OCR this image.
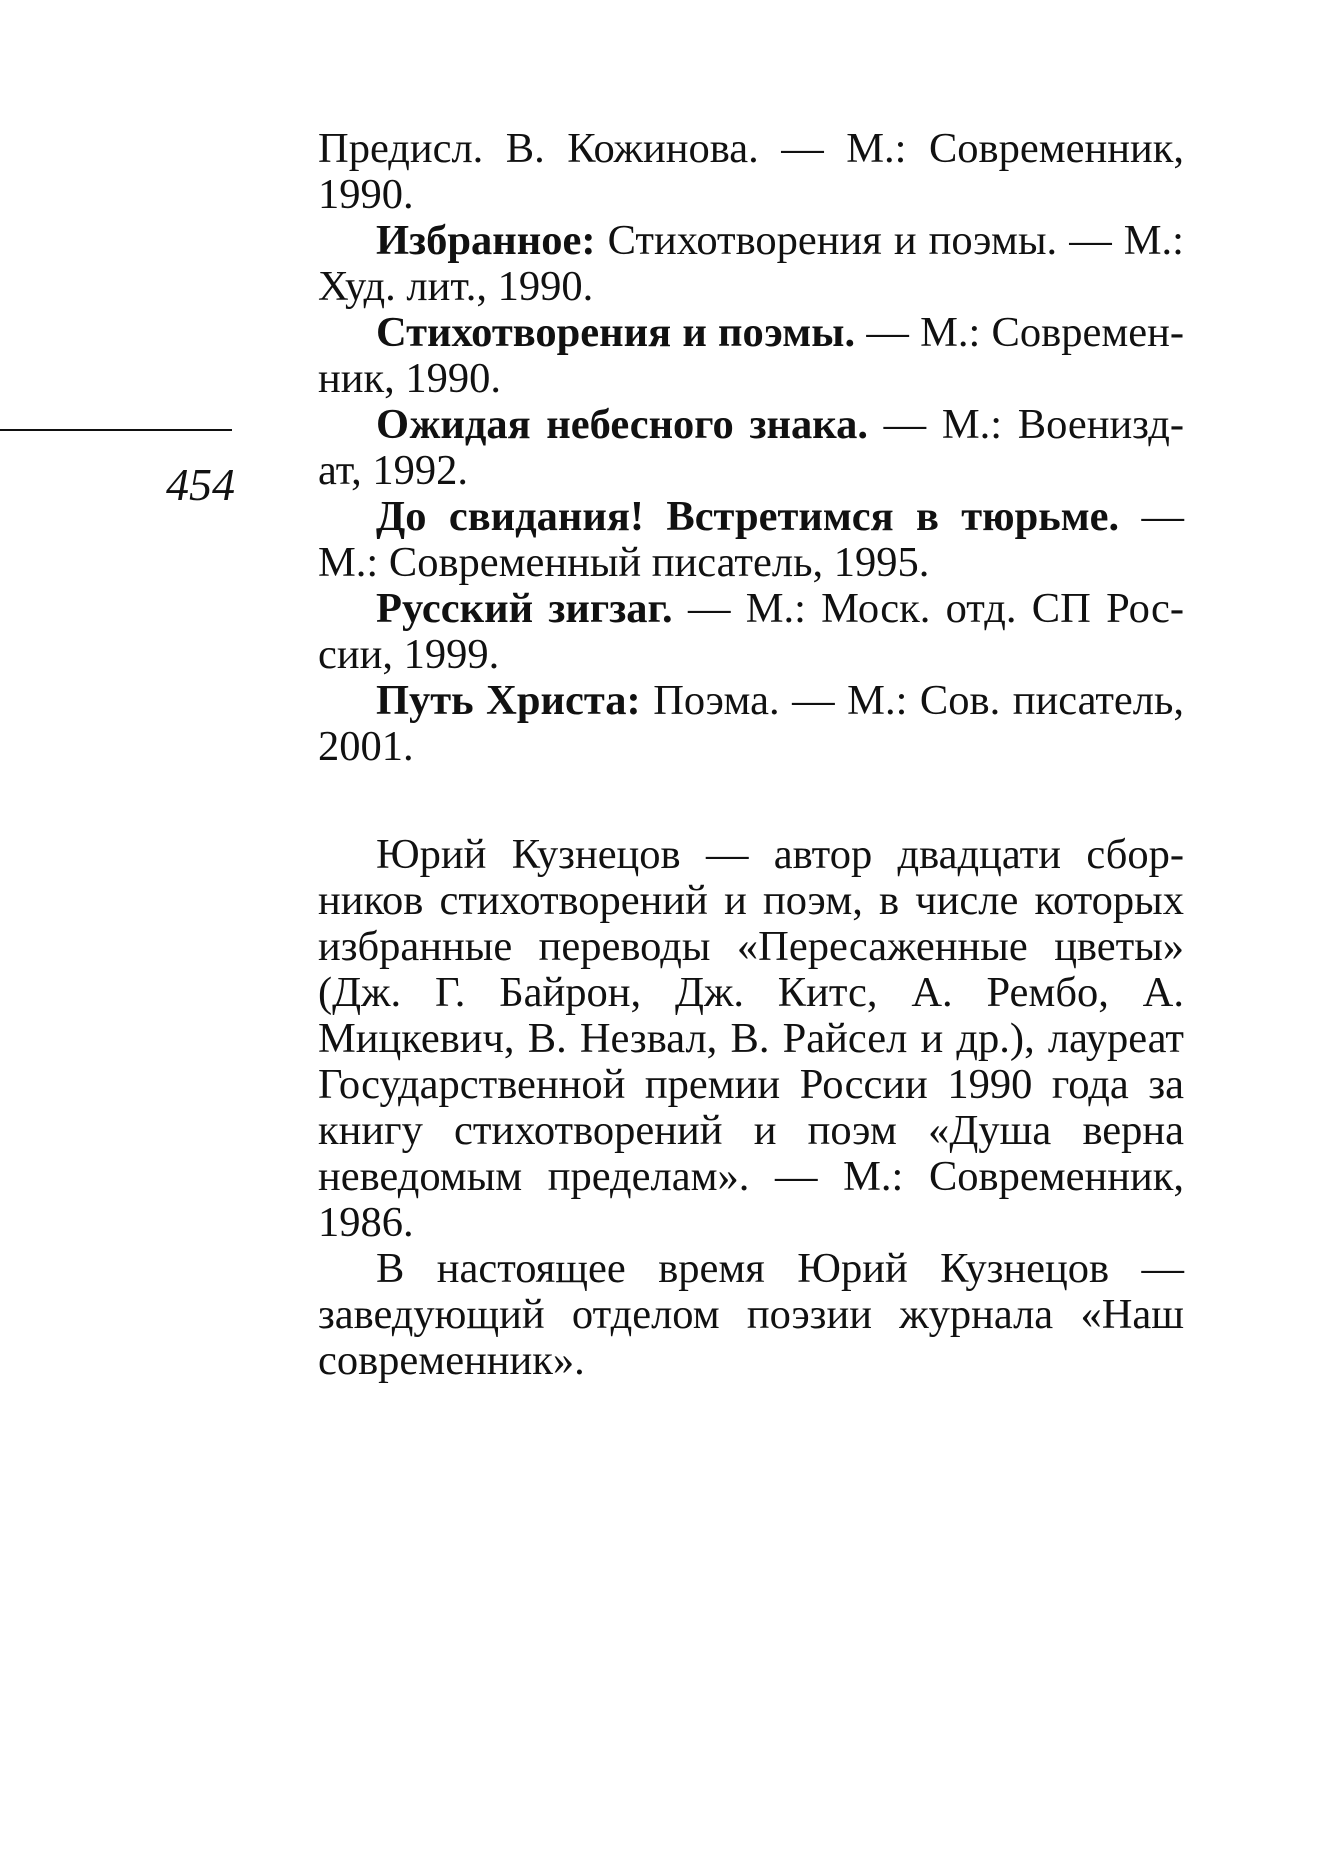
454

Предисл. В. Кожинова. — М.: Современник, 1990.

Избранное: Стихотворения и поэмы. — М.: Худ. лит., 1990.

Стихотворения и поэмы. — М.: Современник, 1990.

Ожидая небесного знака. — М.: Воениздат, 1992.

До свидания! Встретимся в тюрьме. — М.: Современный писатель, 1995.

Русский зигзаг. — М.: Моск. отд. СП России, 1999.

Путь Христа: Поэма. — М.: Сов. писатель, 2001.

Юрий Кузнецов — автор двадцати сборников стихотворений и поэм, в числе которых избранные переводы «Пересаженные цветы» (Дж. Г. Байрон, Дж. Китс, А. Рембо, А. Мицкевич, В. Незвал, В. Райсел и др.), лауреат Государственной премии России 1990 года за книгу стихотворений и поэм «Душа верна неведомым пределам». — М.: Современник, 1986.

В настоящее время Юрий Кузнецов — заведующий отделом поэзии журнала «Наш современник».
